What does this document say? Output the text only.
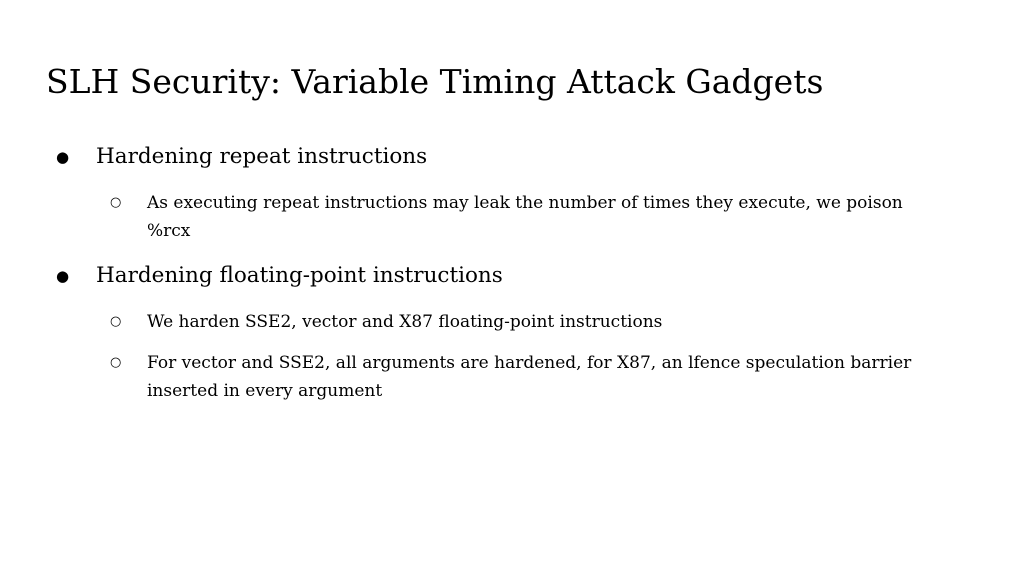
SLH Security: Variable Timing Attack Gadgets
● Hardening repeat instructions
○ As executing repeat instructions may leak the number of times they execute, we poison %rcx
● Hardening floating-point instructions
○ We harden SSE2, vector and X87 floating-point instructions
○ For vector and SSE2, all arguments are hardened, for X87, an lfence speculation barrier inserted in every argument
